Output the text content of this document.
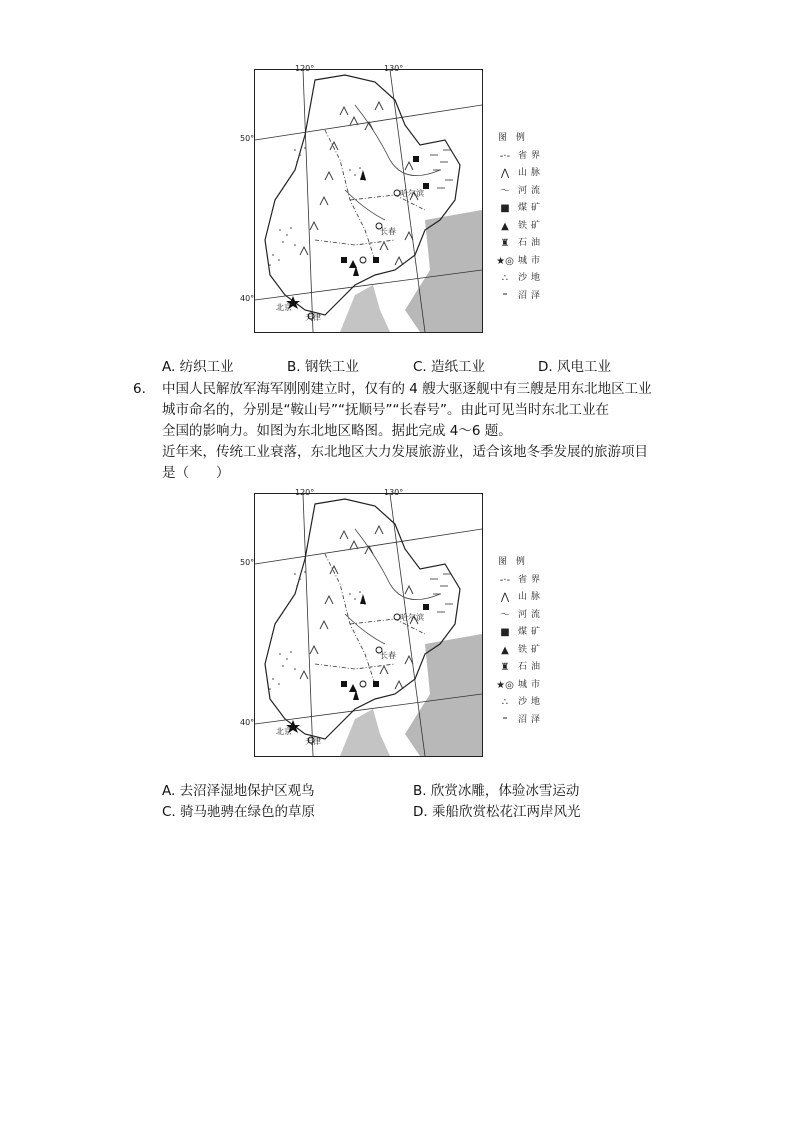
120°	130°
50°
40°
哈尔滨
长春
北京
天津
图 例
-·- 省界
⋀ 山脉
〜 河流
■ 煤矿
▲	铁矿
♜ 石油
★◎ 城市
∴	沙地
⁼	沼泽
A. 纺织工业	B. 钢铁工业	C. 造纸工业	D. 风电工业
6. 中国人民解放军海军刚刚建立时，仅有的 4 艘大驱逐舰中有三艘是用东北地区工业
城市命名的，分别是“鞍山号”“抚顺号”“长春号”。由此可见当时东北工业在
全国的影响力。如图为东北地区略图。据此完成 4～6 题。
近年来，传统工业衰落，东北地区大力发展旅游业，适合该地冬季发展的旅游项目
是（　　）
120°	130°
50°
40°
哈尔滨
长春
北京
天津
图 例
-·- 省界
⋀ 山脉
〜 河流
■ 煤矿
▲	铁矿
♜ 石油
★◎ 城市
∴	沙地
⁼	沼泽
A. 去沼泽湿地保护区观鸟	B. 欣赏冰雕，体验冰雪运动
C. 骑马驰骋在绿色的草原	D. 乘船欣赏松花江两岸风光
